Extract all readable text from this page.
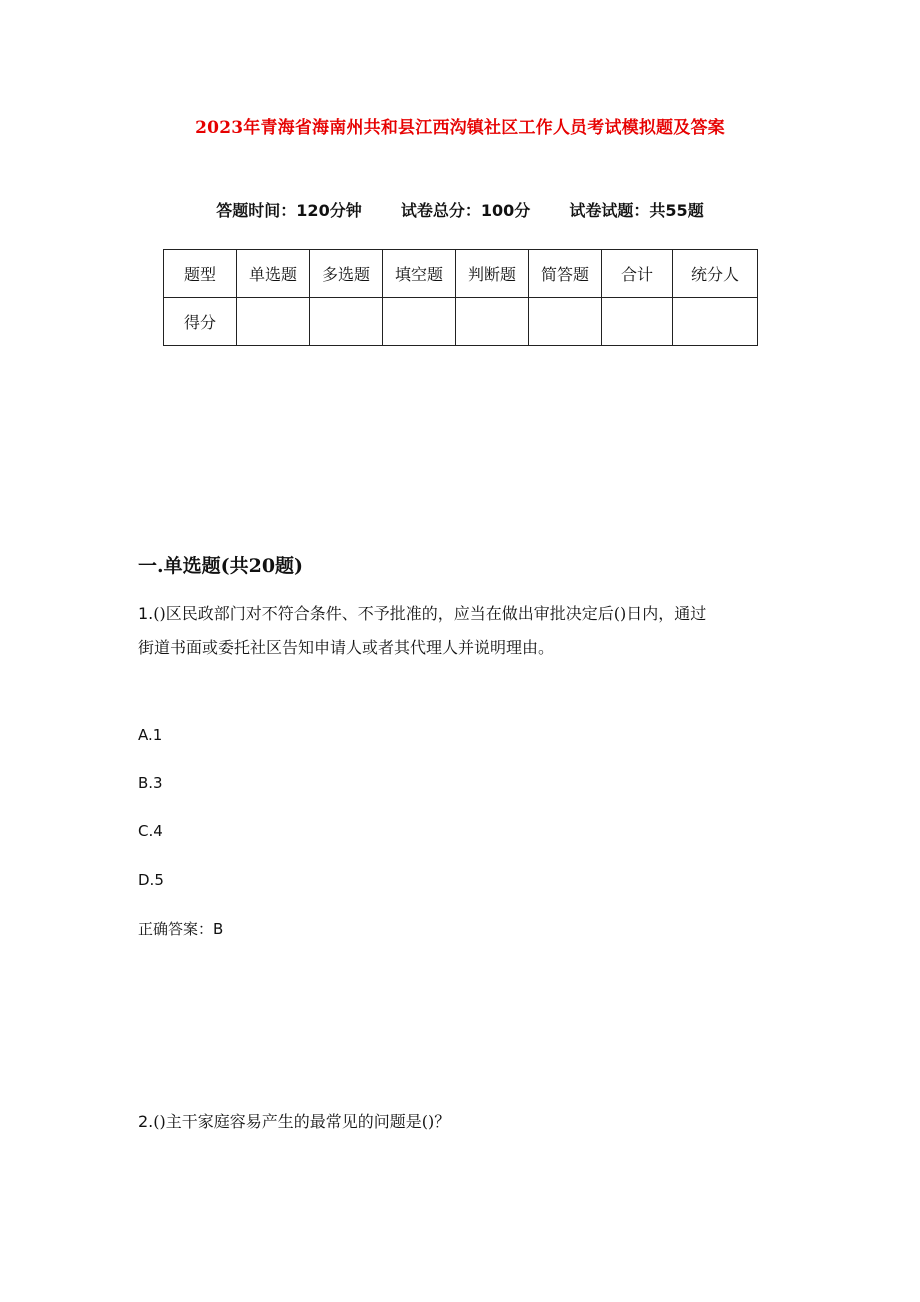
2023年青海省海南州共和县江西沟镇社区工作人员考试模拟题及答案
答题时间：120分钟 试卷总分：100分 试卷试题：共55题
题型	单选题	多选题	填空题	判断题	简答题	合计	统分人
得分							
一.单选题(共20题)
1.()区民政部门对不符合条件、不予批准的，应当在做出审批决定后()日内，通过
街道书面或委托社区告知申请人或者其代理人并说明理由。
A.1
B.3
C.4
D.5
正确答案：B
2.()主干家庭容易产生的最常见的问题是()？
